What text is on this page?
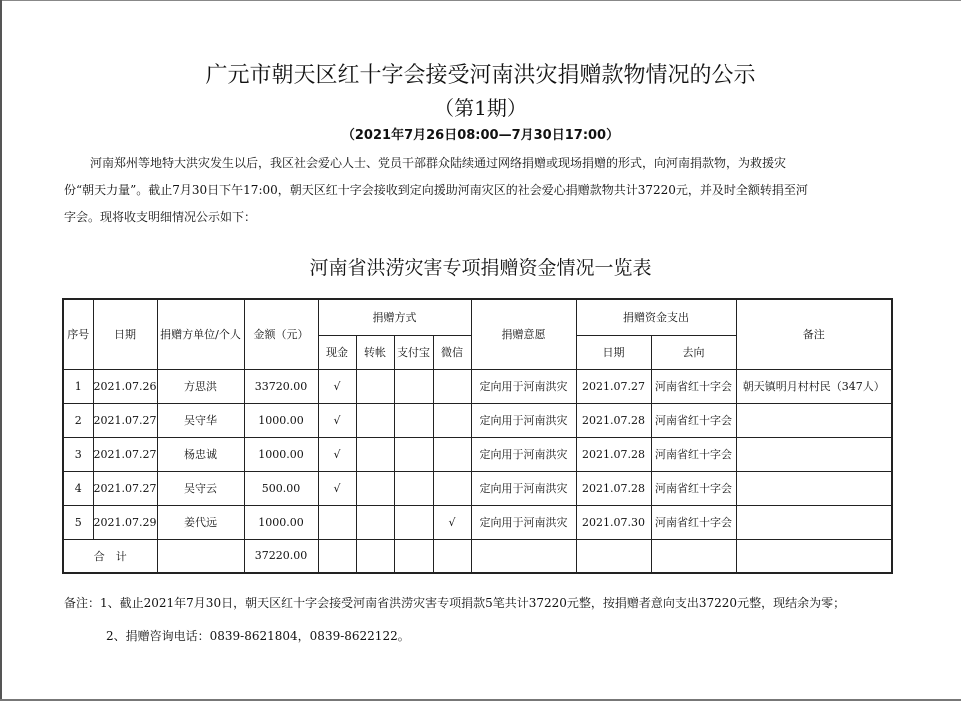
广元市朝天区红十字会接受河南洪灾捐赠款物情况的公示
（第1期）
（2021年7月26日08:00—7月30日17:00）
河南郑州等地特大洪灾发生以后，我区社会爱心人士、党员干部群众陆续通过网络捐赠或现场捐赠的形式，向河南捐款物，为救援灾
份“朝天力量”。截止7月30日下午17:00，朝天区红十字会接收到定向援助河南灾区的社会爱心捐赠款物共计37220元，并及时全额转捐至河
字会。现将收支明细情况公示如下：
河南省洪涝灾害专项捐赠资金情况一览表
序号	日期	捐赠方单位/个人	金额（元）	捐赠方式				捐赠意愿	捐赠资金支出		备注
				现金	转帐	支付宝	微信		日期	去向	
1	2021.07.26	方思洪	33720.00	√				定向用于河南洪灾	2021.07.27	河南省红十字会	朝天镇明月村村民（347人）
2	2021.07.27	吴守华	1000.00	√				定向用于河南洪灾	2021.07.28	河南省红十字会	
3	2021.07.27	杨忠诚	1000.00	√				定向用于河南洪灾	2021.07.28	河南省红十字会	
4	2021.07.27	吴守云	500.00	√				定向用于河南洪灾	2021.07.28	河南省红十字会	
5	2021.07.29	姜代远	1000.00				√	定向用于河南洪灾	2021.07.30	河南省红十字会	
合　计			37220.00								
备注：1、截止2021年7月30日，朝天区红十字会接受河南省洪涝灾害专项捐款5笔共计37220元整，按捐赠者意向支出37220元整，现结余为零；
2、捐赠咨询电话：0839-8621804，0839-8622122。
